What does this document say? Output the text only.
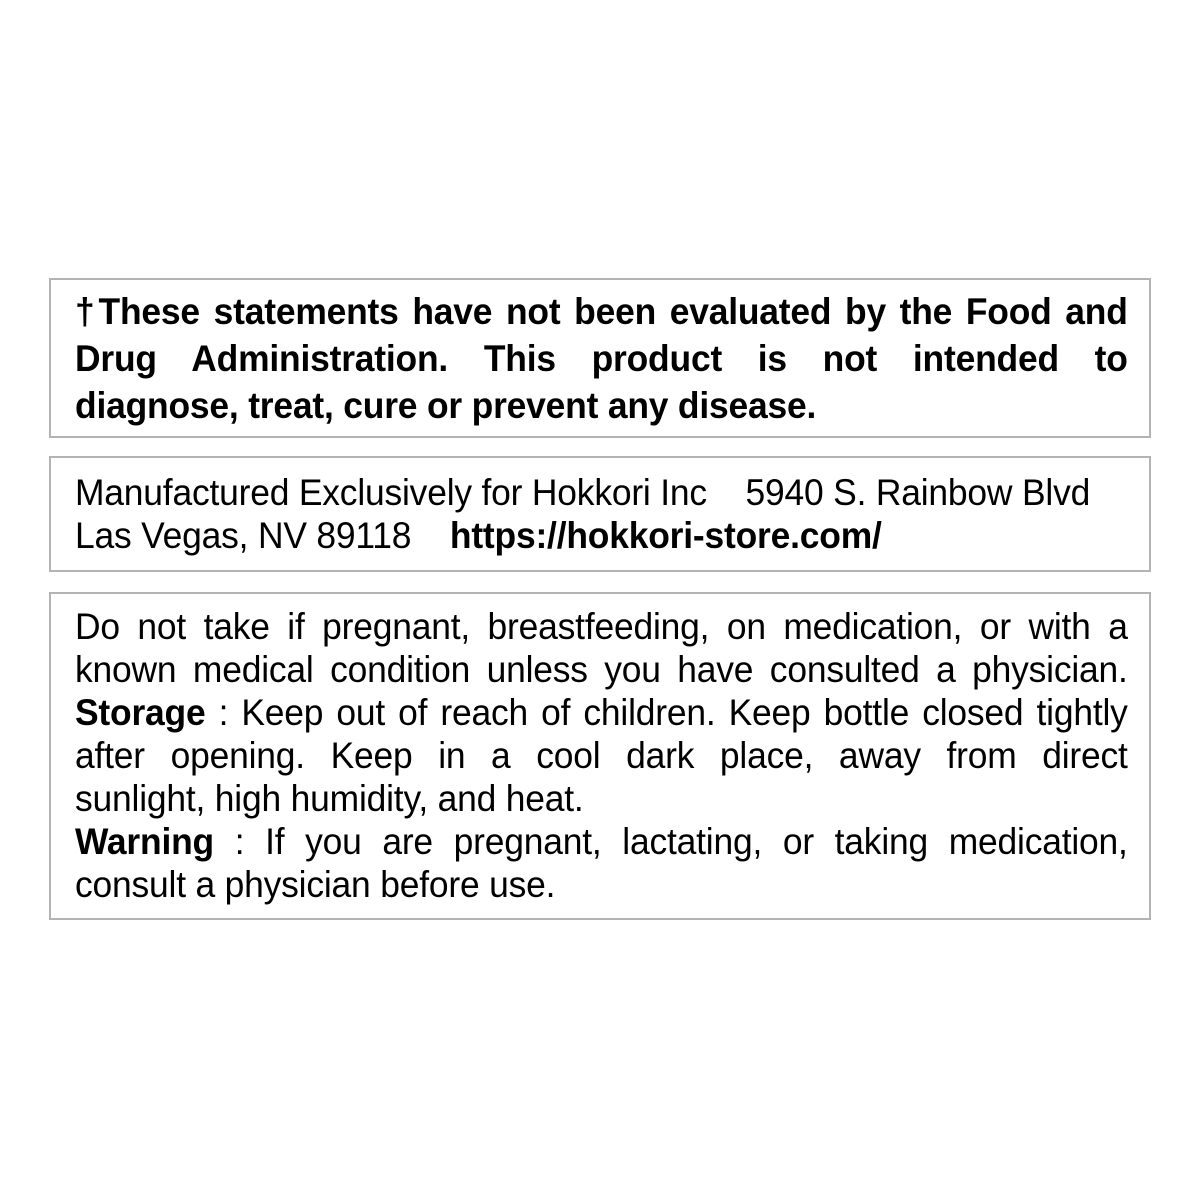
†These statements have not been evaluated by the Food and
Drug Administration. This product is not intended to
diagnose, treat, cure or prevent any disease.
Manufactured Exclusively for Hokkori Inc    5940 S. Rainbow Blvd
Las Vegas, NV 89118    https://hokkori-store.com/
Do not take if pregnant, breastfeeding, on medication, or with a
known medical condition unless you have consulted a physician.
Storage : Keep out of reach of children. Keep bottle closed tightly
after opening. Keep in a cool dark place, away from direct
sunlight, high humidity, and heat.
Warning : If you are pregnant, lactating, or taking medication,
consult a physician before use.
